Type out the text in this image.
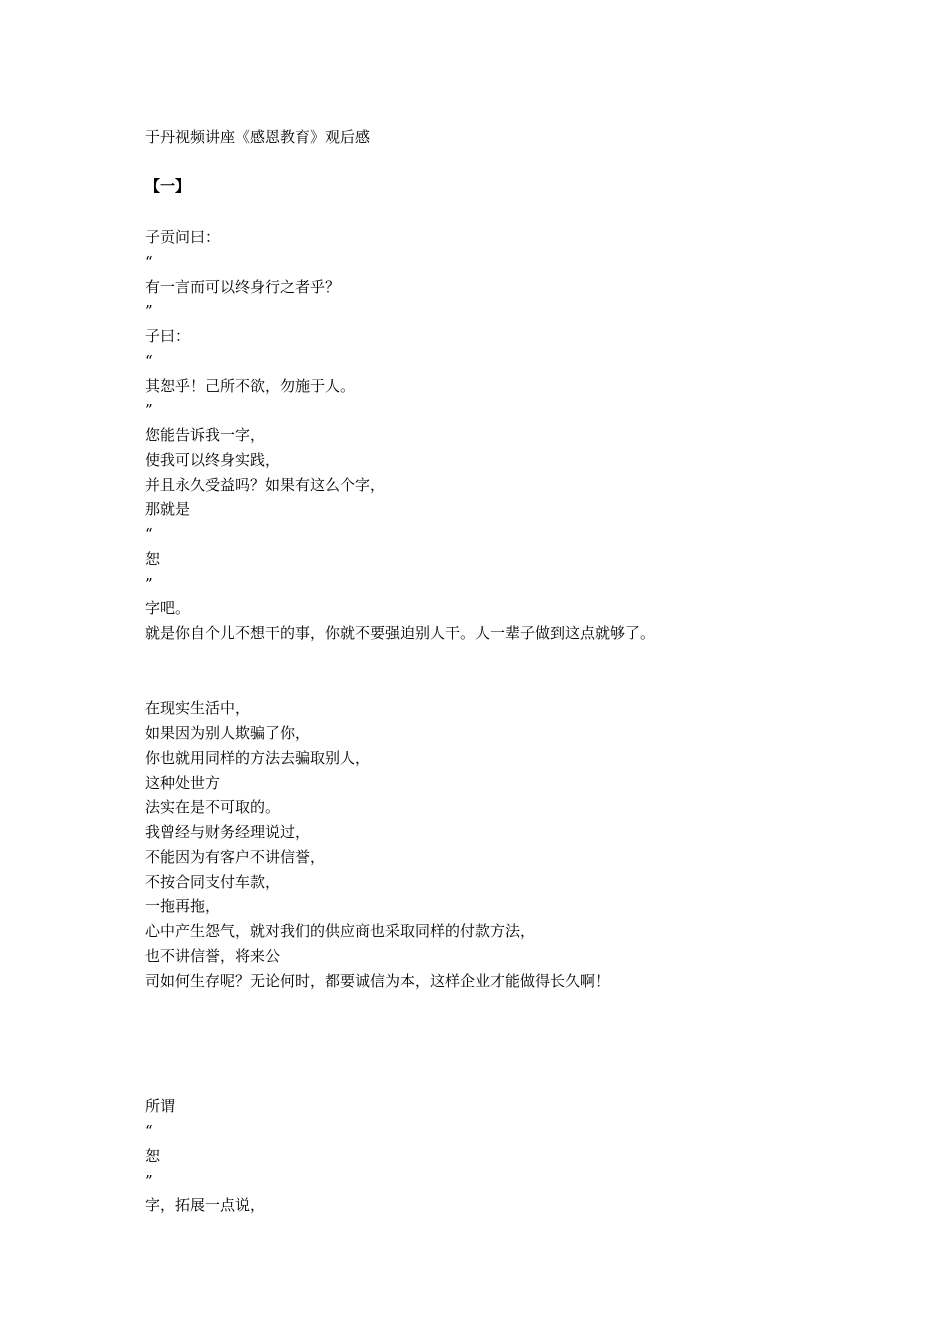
于丹视频讲座《感恩教育》观后感
【一】
子贡问曰：
“
有一言而可以终身行之者乎？
”
子曰：
“
其恕乎！己所不欲，勿施于人。
”
您能告诉我一字，
使我可以终身实践，
并且永久受益吗？如果有这么个字，
那就是
“
恕
”
字吧。
就是你自个儿不想干的事，你就不要强迫别人干。人一辈子做到这点就够了。
在现实生活中，
如果因为别人欺骗了你，
你也就用同样的方法去骗取别人，
这种处世方
法实在是不可取的。
我曾经与财务经理说过，
不能因为有客户不讲信誉，
不按合同支付车款，
一拖再拖，
心中产生怨气，就对我们的供应商也采取同样的付款方法，
也不讲信誉，将来公
司如何生存呢？无论何时，都要诚信为本，这样企业才能做得长久啊！
所谓
“
恕
”
字，拓展一点说，
